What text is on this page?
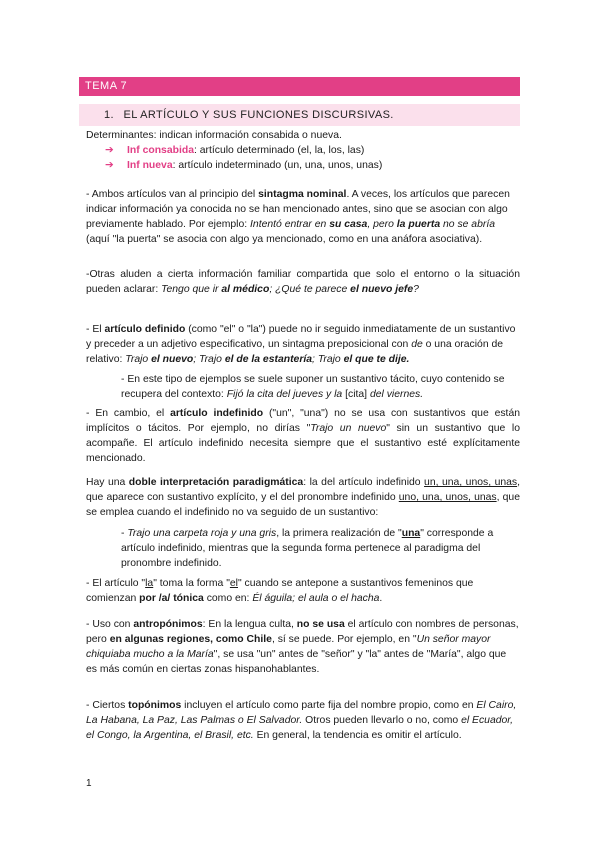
TEMA 7
1. EL ARTÍCULO Y SUS FUNCIONES DISCURSIVAS.

Determinantes: indican información consabida o nueva.

➔ Inf consabida: artículo determinado (el, la, los, las)

➔ Inf nueva: artículo indeterminado (un, una, unos, unas)

- Ambos artículos van al principio del sintagma nominal. A veces, los artículos que parecen indicar información ya conocida no se han mencionado antes, sino que se asocian con algo previamente hablado. Por ejemplo: Intentó entrar en su casa, pero la puerta no se abría (aquí "la puerta" se asocia con algo ya mencionado, como en una anáfora asociativa).

-Otras aluden a cierta información familiar compartida que solo el entorno o la situación pueden aclarar: Tengo que ir al médico; ¿Qué te parece el nuevo jefe?

- El artículo definido (como "el" o "la") puede no ir seguido inmediatamente de un sustantivo y preceder a un adjetivo especificativo, un sintagma preposicional con de o una oración de relativo: Trajo el nuevo; Trajo el de la estantería; Trajo el que te dije.

- En este tipo de ejemplos se suele suponer un sustantivo tácito, cuyo contenido se recupera del contexto: Fijó la cita del jueves y la [cita] del viernes.

- En cambio, el artículo indefinido ("un", "una") no se usa con sustantivos que están implícitos o tácitos. Por ejemplo, no dirías "Trajo un nuevo" sin un sustantivo que lo acompañe. El artículo indefinido necesita siempre que el sustantivo esté explícitamente mencionado.

Hay una doble interpretación paradigmática: la del artículo indefinido un, una, unos, unas, que aparece con sustantivo explícito, y el del pronombre indefinido uno, una, unos, unas, que se emplea cuando el indefinido no va seguido de un sustantivo:

- Trajo una carpeta roja y una gris, la primera realización de "una" corresponde a artículo indefinido, mientras que la segunda forma pertenece al paradigma del pronombre indefinido.

- El artículo "la" toma la forma "el" cuando se antepone a sustantivos femeninos que comienzan por /a/ tónica como en: Él águila; el aula o el hacha.

- Uso con antropónimos: En la lengua culta, no se usa el artículo con nombres de personas, pero en algunas regiones, como Chile, sí se puede. Por ejemplo, en "Un señor mayor chiquiaba mucho a la María", se usa "un" antes de "señor" y "la" antes de "María", algo que es más común en ciertas zonas hispanohablantes.

- Ciertos topónimos incluyen el artículo como parte fija del nombre propio, como en El Cairo, La Habana, La Paz, Las Palmas o El Salvador. Otros pueden llevarlo o no, como el Ecuador, el Congo, la Argentina, el Brasil, etc. En general, la tendencia es omitir el artículo.

1
